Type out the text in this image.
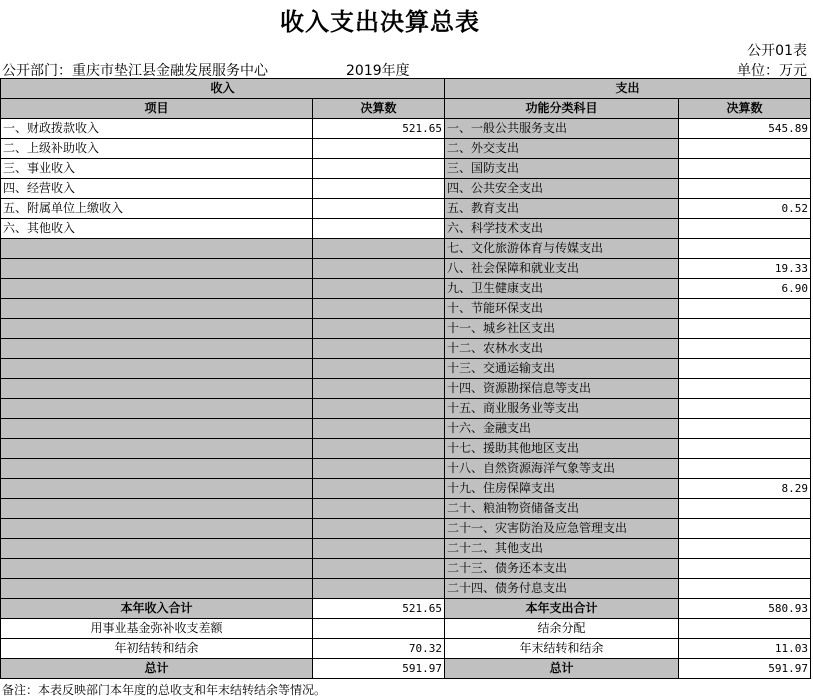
收入支出决算总表
公开01表
公开部门：重庆市垫江县金融发展服务中心	2019年度	单位：万元
收入		支出	
项目	决算数	功能分类科目	决算数
一、财政拨款收入	521.65	一、一般公共服务支出	545.89
二、上级补助收入		二、外交支出	
三、事业收入		三、国防支出	
四、经营收入		四、公共安全支出	
五、附属单位上缴收入		五、教育支出	0.52
六、其他收入		六、科学技术支出	
		七、文化旅游体育与传媒支出	
		八、社会保障和就业支出	19.33
		九、卫生健康支出	6.90
		十、节能环保支出	
		十一、城乡社区支出	
		十二、农林水支出	
		十三、交通运输支出	
		十四、资源勘探信息等支出	
		十五、商业服务业等支出	
		十六、金融支出	
		十七、援助其他地区支出	
		十八、自然资源海洋气象等支出	
		十九、住房保障支出	8.29
		二十、粮油物资储备支出	
		二十一、灾害防治及应急管理支出	
		二十二、其他支出	
		二十三、债务还本支出	
		二十四、债务付息支出	
本年收入合计	521.65	本年支出合计	580.93
用事业基金弥补收支差额		结余分配	
年初结转和结余	70.32	年末结转和结余	11.03
总计	591.97	总计	591.97
备注：本表反映部门本年度的总收支和年末结转结余等情况。
